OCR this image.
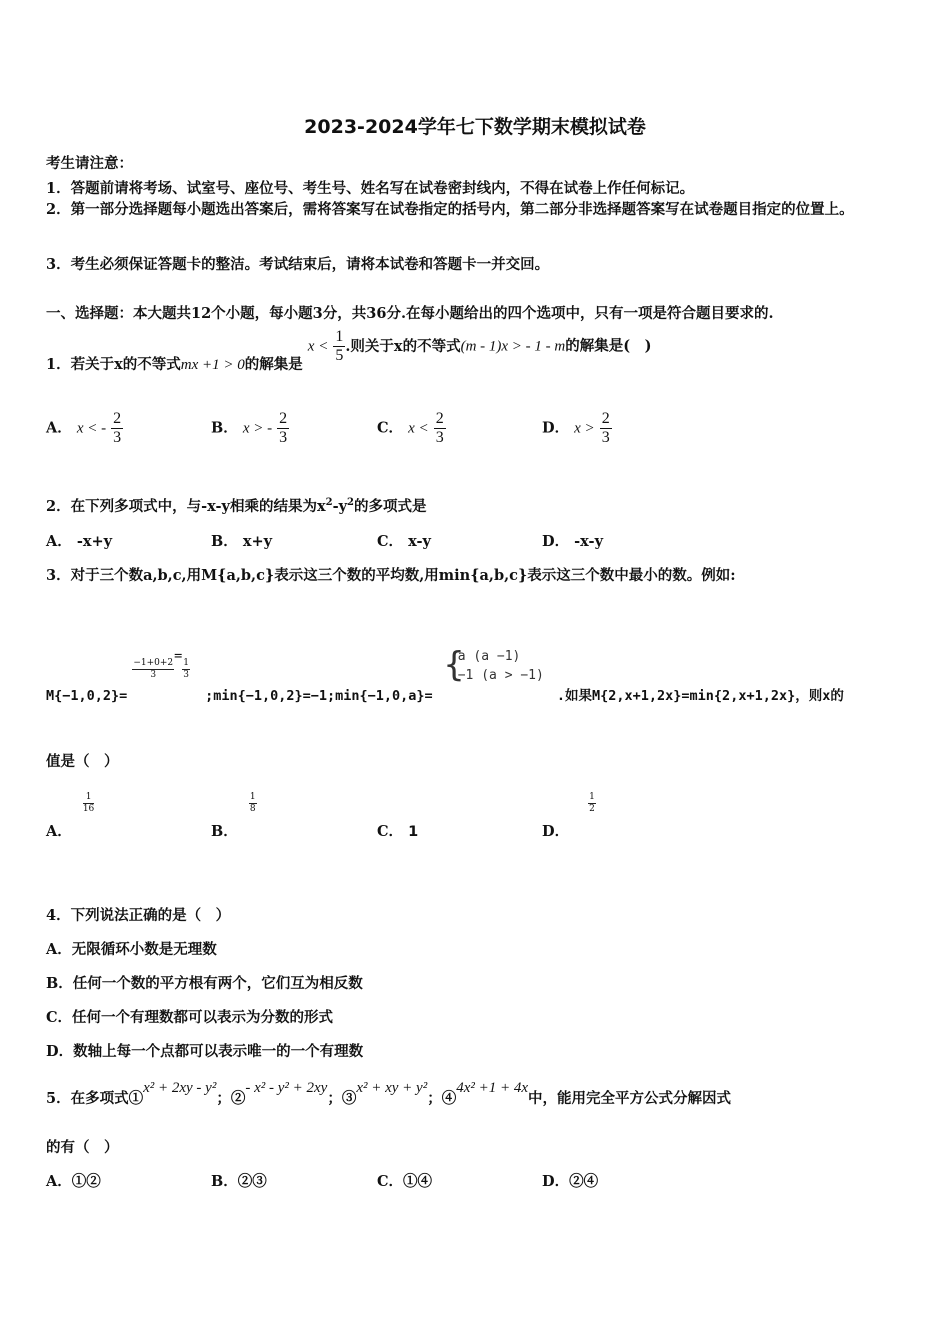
2023-2024学年七下数学期末模拟试卷
考生请注意：
1．答题前请将考场、试室号、座位号、考生号、姓名写在试卷密封线内，不得在试卷上作任何标记。
2．第一部分选择题每小题选出答案后，需将答案写在试卷指定的括号内，第二部分非选择题答案写在试卷题目指定的位置上。
3．考生必须保证答题卡的整洁。考试结束后，请将本试卷和答题卡一并交回。
一、选择题：本大题共12个小题，每小题3分，共36分.在每小题给出的四个选项中，只有一项是符合题目要求的.
1．若关于x的不等式mx +1 > 0的解集是 $x < \frac{1}{5}$ .则关于x的不等式(m - 1)x > - 1 - m的解集是(　)
A． x < - $\frac{2}{3}$	B． x > - $\frac{2}{3}$	C． $x < \frac{2}{3}$	D． $x > \frac{2}{3}$
2．在下列多项式中，与-x-y相乘的结果为$x^2-y^2$的多项式是
A． -x+y	B． x+y	C． x-y	D． -x-y
3．对于三个数a,b,c,用M{a,b,c}表示这三个数的平均数,用min{a,b,c}表示这三个数中最小的数。例如:
M{−1,0,2}=
$\frac{-1+0+2}{3}$
=
$\frac{1}{3}$
;min{−1,0,2}=−1;min{−1,0,a}=
{
a (a −1)
−1 (a > −1)
.如果M{2,x+1,2x}=min{2,x+1,2x}，则x的
值是（　）
A．
$\frac{1}{16}$
B．
$\frac{1}{8}$
C． 1	D．
$\frac{1}{2}$
4．下列说法正确的是（　）
A．无限循环小数是无理数
B．任何一个数的平方根有两个，它们互为相反数
C．任何一个有理数都可以表示为分数的形式
D．数轴上每一个点都可以表示唯一的一个有理数
5．在多项式①x² + 2xy - y²；②- x² - y² + 2xy；③x² + xy + y²；④4x² +1 + 4x中，能用完全平方公式分解因式
的有（　）
A．①②	B．②③	C．①④	D．②④
